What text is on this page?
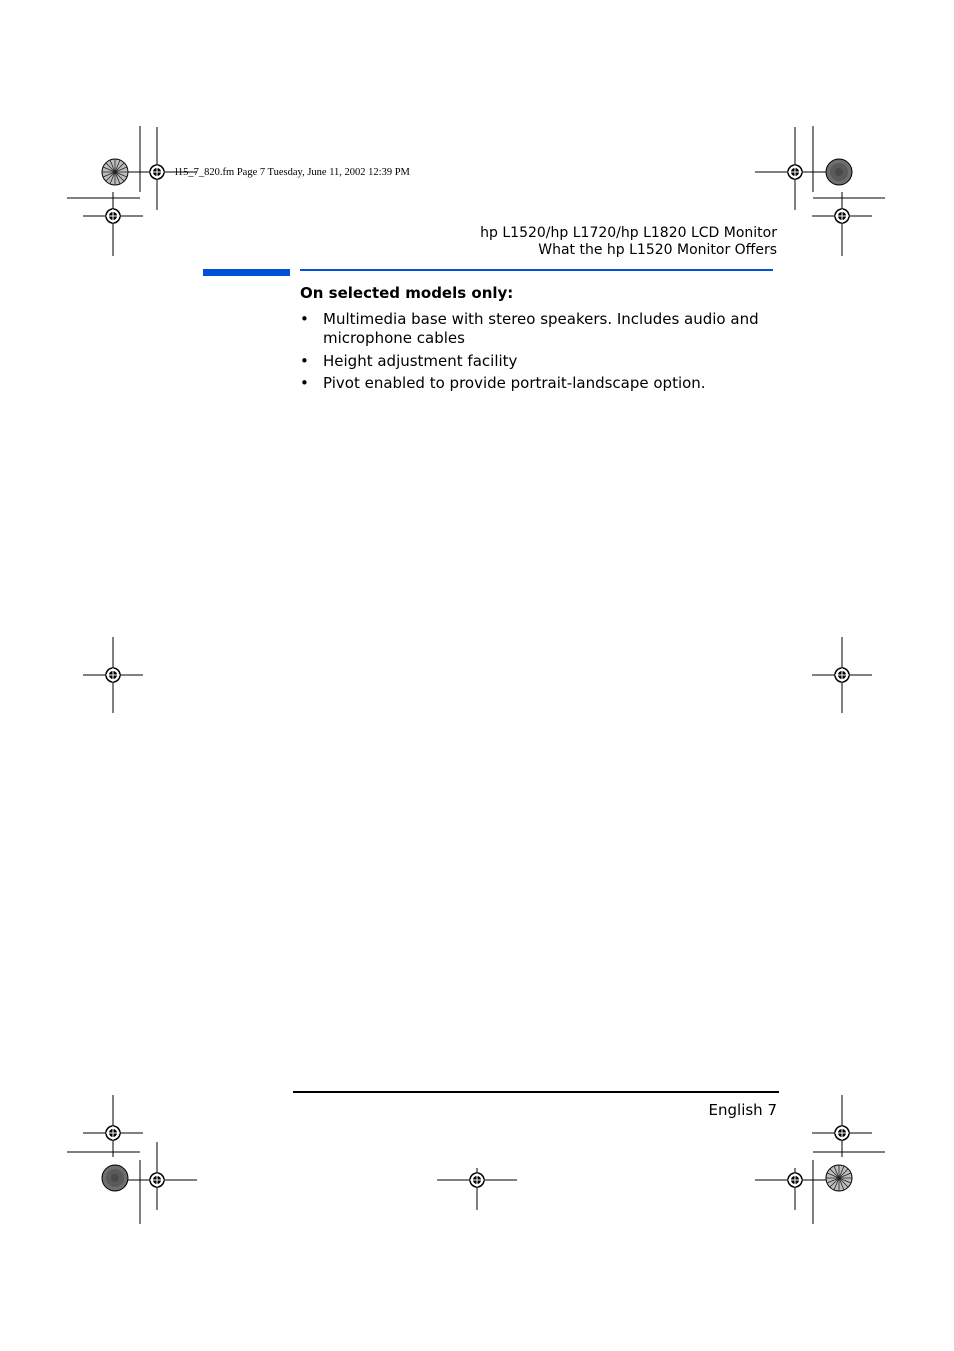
l15_7_820.fm Page 7 Tuesday, June 11, 2002 12:39 PM
hp L1520/hp L1720/hp L1820 LCD Monitor
What the hp L1520 Monitor Offers
On selected models only:
• Multimedia base with stereo speakers. Includes audio and microphone cables
• Height adjustment facility
• Pivot enabled to provide portrait-landscape option.
English 7
